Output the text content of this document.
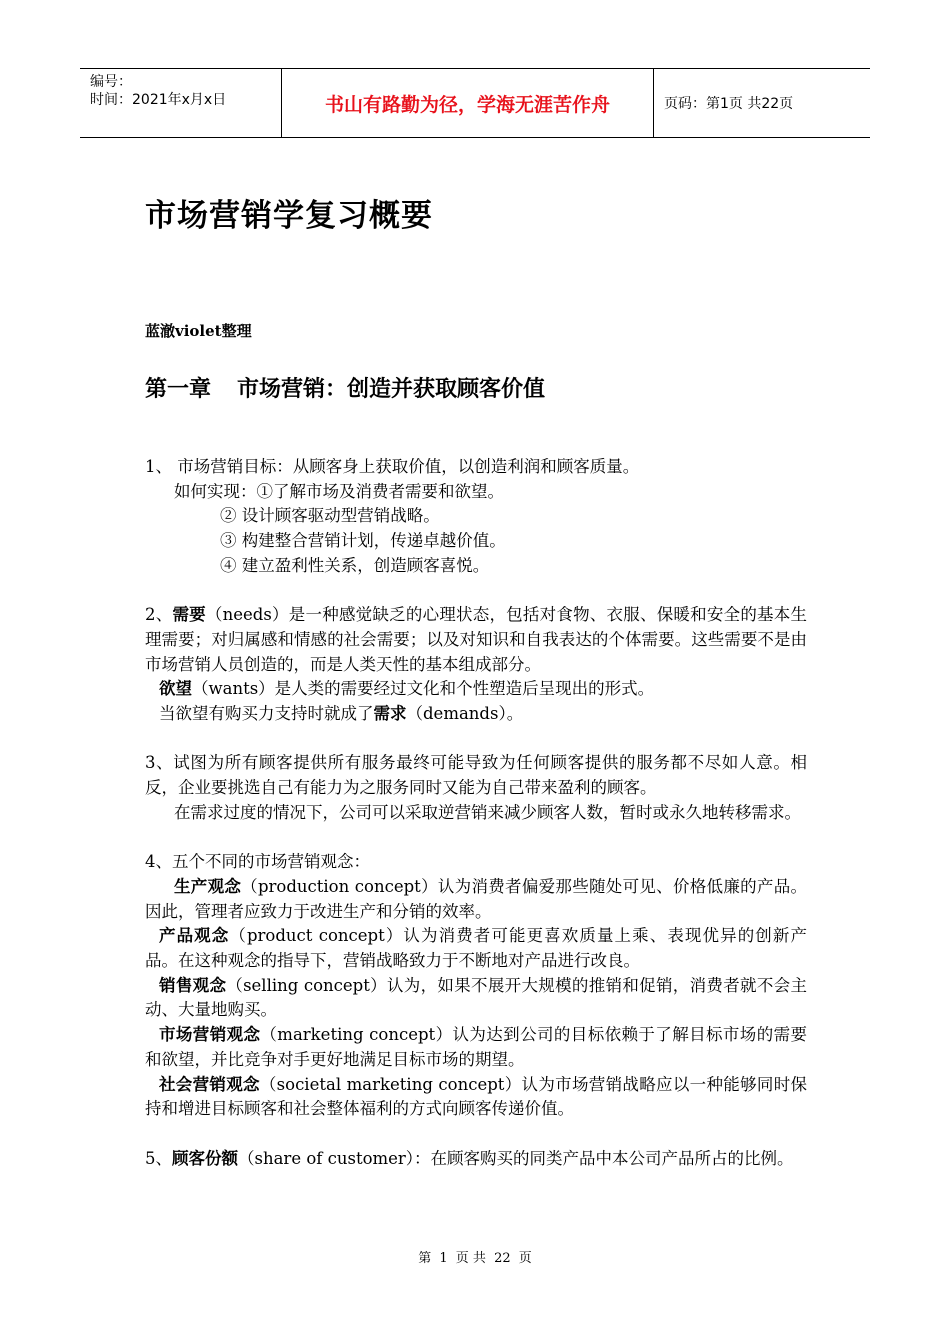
编号：
时间：2021年x月x日	书山有路勤为径，学海无涯苦作舟	页码：第1页 共22页
市场营销学复习概要
蓝澈violet整理
第一章 市场营销：创造并获取顾客价值

1、 市场营销目标：从顾客身上获取价值，以创造利润和顾客质量。

如何实现：①了解市场及消费者需要和欲望。

② 设计顾客驱动型营销战略。

③ 构建整合营销计划，传递卓越价值。

④ 建立盈利性关系，创造顾客喜悦。

2、需要（needs）是一种感觉缺乏的心理状态，包括对食物、衣服、保暖和安全的基本生理需要；对归属感和情感的社会需要；以及对知识和自我表达的个体需要。这些需要不是由市场营销人员创造的，而是人类天性的基本组成部分。

欲望（wants）是人类的需要经过文化和个性塑造后呈现出的形式。

当欲望有购买力支持时就成了需求（demands）。

3、试图为所有顾客提供所有服务最终可能导致为任何顾客提供的服务都不尽如人意。相反，企业要挑选自己有能力为之服务同时又能为自己带来盈利的顾客。

在需求过度的情况下，公司可以采取逆营销来减少顾客人数，暂时或永久地转移需求。

4、五个不同的市场营销观念：

生产观念（production concept）认为消费者偏爱那些随处可见、价格低廉的产品。因此，管理者应致力于改进生产和分销的效率。

产品观念（product concept）认为消费者可能更喜欢质量上乘、表现优异的创新产品。在这种观念的指导下，营销战略致力于不断地对产品进行改良。

销售观念（selling concept）认为，如果不展开大规模的推销和促销，消费者就不会主动、大量地购买。

市场营销观念（marketing concept）认为达到公司的目标依赖于了解目标市场的需要和欲望，并比竞争对手更好地满足目标市场的期望。

社会营销观念（societal marketing concept）认为市场营销战略应以一种能够同时保持和增进目标顾客和社会整体福利的方式向顾客传递价值。

5、顾客份额（share of customer）：在顾客购买的同类产品中本公司产品所占的比例。

第 1 页 共 22 页
